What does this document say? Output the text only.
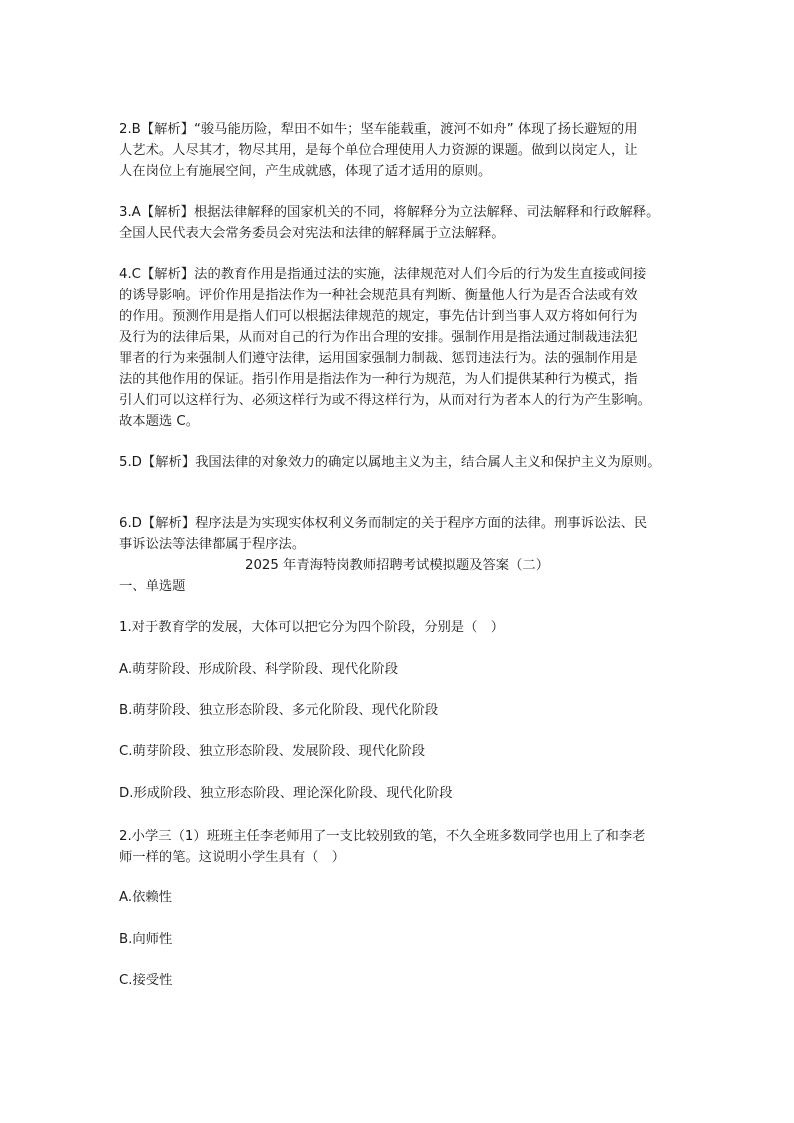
2.B【解析】“骏马能历险，犁田不如牛；坚车能载重，渡河不如舟” 体现了扬长避短的用
人艺术。人尽其才，物尽其用，是每个单位合理使用人力资源的课题。做到以岗定人，让
人在岗位上有施展空间，产生成就感，体现了适才适用的原则。
3.A【解析】根据法律解释的国家机关的不同，将解释分为立法解释、司法解释和行政解释。
全国人民代表大会常务委员会对宪法和法律的解释属于立法解释。
4.C【解析】法的教育作用是指通过法的实施，法律规范对人们今后的行为发生直接或间接
的诱导影响。评价作用是指法作为一种社会规范具有判断、衡量他人行为是否合法或有效
的作用。预测作用是指人们可以根据法律规范的规定，事先估计到当事人双方将如何行为
及行为的法律后果，从而对自己的行为作出合理的安排。强制作用是指法通过制裁违法犯
罪者的行为来强制人们遵守法律，运用国家强制力制裁、惩罚违法行为。法的强制作用是
法的其他作用的保证。指引作用是指法作为一种行为规范，为人们提供某种行为模式，指
引人们可以这样行为、必须这样行为或不得这样行为，从而对行为者本人的行为产生影响。
故本题选 C。
5.D【解析】我国法律的对象效力的确定以属地主义为主，结合属人主义和保护主义为原则。
6.D【解析】程序法是为实现实体权利义务而制定的关于程序方面的法律。刑事诉讼法、民
事诉讼法等法律都属于程序法。
2025 年青海特岗教师招聘考试模拟题及答案（二）
一、单选题
1.对于教育学的发展，大体可以把它分为四个阶段，分别是（　）
A.萌芽阶段、形成阶段、科学阶段、现代化阶段
B.萌芽阶段、独立形态阶段、多元化阶段、现代化阶段
C.萌芽阶段、独立形态阶段、发展阶段、现代化阶段
D.形成阶段、独立形态阶段、理论深化阶段、现代化阶段
2.小学三（1）班班主任李老师用了一支比较别致的笔，不久全班多数同学也用上了和李老
师一样的笔。这说明小学生具有（　）
A.依赖性
B.向师性
C.接受性
